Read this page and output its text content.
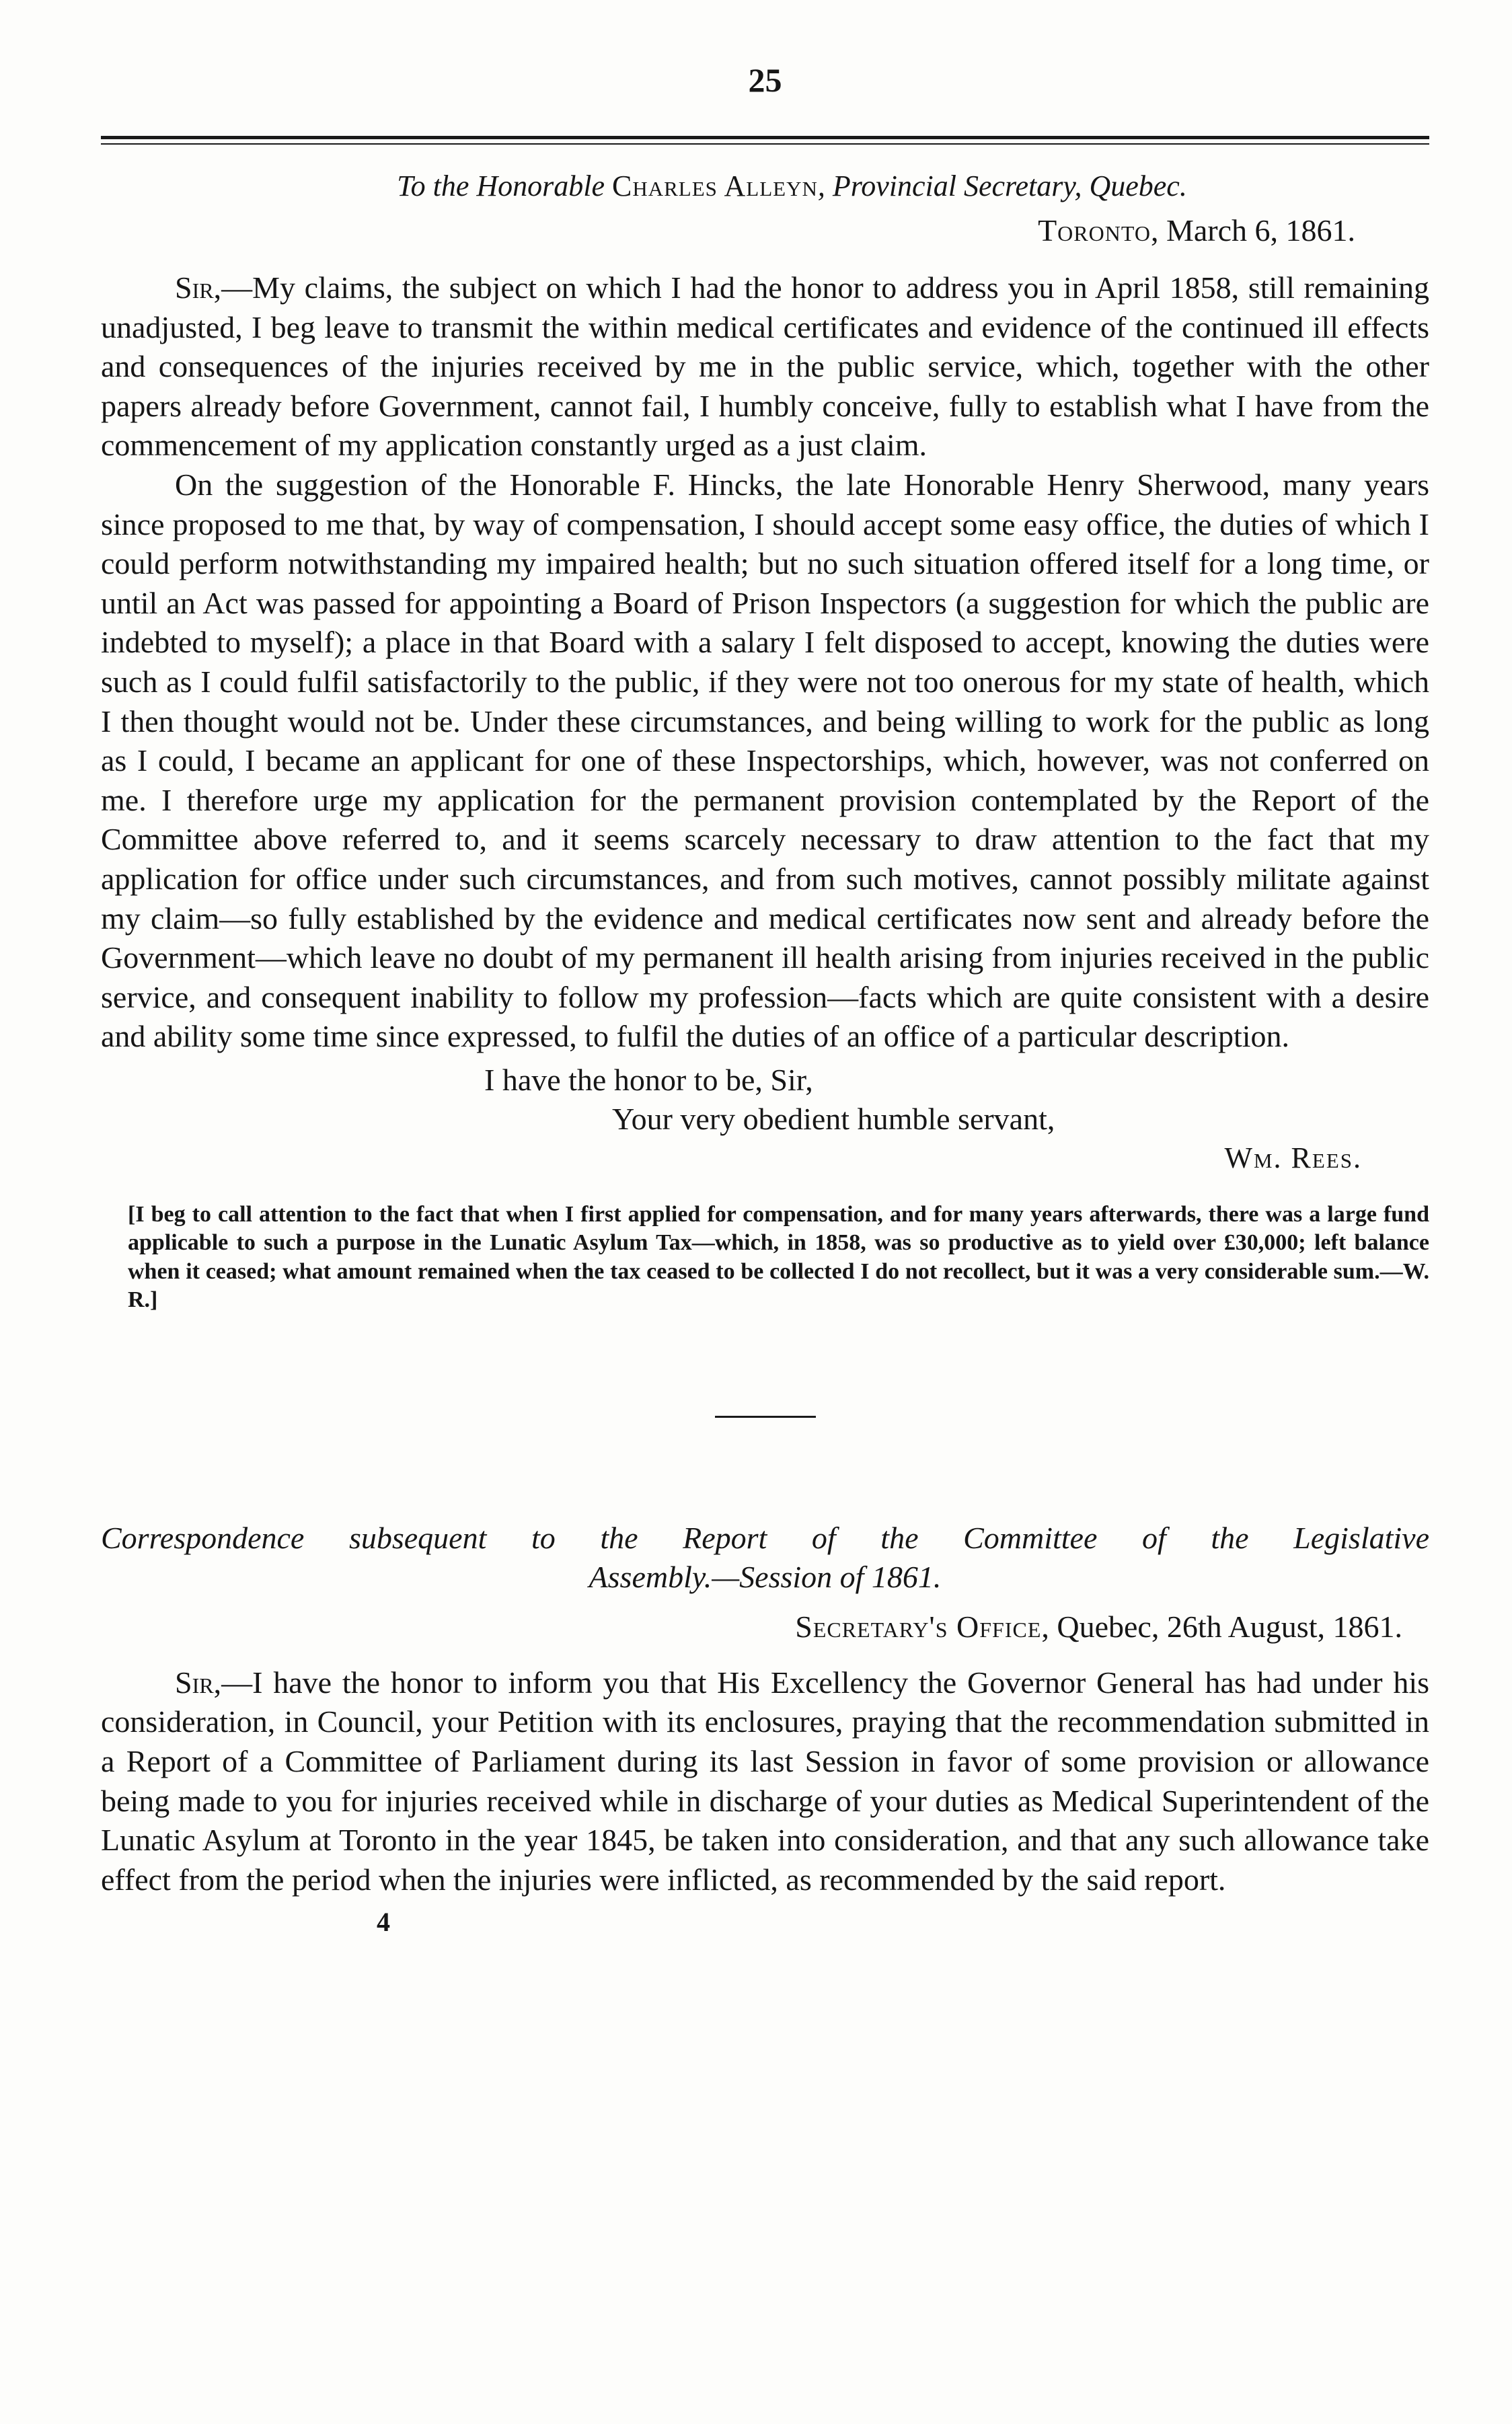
25
To the Honorable Charles Alleyn, Provincial Secretary, Quebec.
Toronto, March 6, 1861.

Sir,—My claims, the subject on which I had the honor to address you in April 1858, still remaining unadjusted, I beg leave to transmit the within medical certificates and evidence of the continued ill effects and consequences of the injuries received by me in the public service, which, together with the other papers already before Government, cannot fail, I humbly conceive, fully to establish what I have from the commencement of my application constantly urged as a just claim.

On the suggestion of the Honorable F. Hincks, the late Honorable Henry Sherwood, many years since proposed to me that, by way of compensation, I should accept some easy office, the duties of which I could perform notwithstanding my impaired health; but no such situation offered itself for a long time, or until an Act was passed for appointing a Board of Prison Inspectors (a suggestion for which the public are indebted to myself); a place in that Board with a salary I felt disposed to accept, knowing the duties were such as I could fulfil satisfactorily to the public, if they were not too onerous for my state of health, which I then thought would not be. Under these circumstances, and being willing to work for the public as long as I could, I became an applicant for one of these Inspectorships, which, however, was not conferred on me. I therefore urge my application for the permanent provision contemplated by the Report of the Committee above referred to, and it seems scarcely necessary to draw attention to the fact that my application for office under such circumstances, and from such motives, cannot possibly militate against my claim—so fully established by the evidence and medical certificates now sent and already before the Government—which leave no doubt of my permanent ill health arising from injuries received in the public service, and consequent inability to follow my profession—facts which are quite consistent with a desire and ability some time since expressed, to fulfil the duties of an office of a particular description.

I have the honor to be, Sir,
Your very obedient humble servant,
Wm. Rees.
[I beg to call attention to the fact that when I first applied for compensation, and for many years afterwards, there was a large fund applicable to such a purpose in the Lunatic Asylum Tax—which, in 1858, was so productive as to yield over £30,000; left balance when it ceased; what amount remained when the tax ceased to be collected I do not recollect, but it was a very considerable sum.—W. R.]
Correspondence subsequent to the Report of the Committee of the Legislative
Assembly.—Session of 1861.
Secretary's Office, Quebec, 26th August, 1861.

Sir,—I have the honor to inform you that His Excellency the Governor General has had under his consideration, in Council, your Petition with its enclosures, praying that the recommendation submitted in a Report of a Committee of Parliament during its last Session in favor of some provision or allowance being made to you for injuries received while in discharge of your duties as Medical Superintendent of the Lunatic Asylum at Toronto in the year 1845, be taken into consideration, and that any such allowance take effect from the period when the injuries were inflicted, as recommended by the said report.

4
